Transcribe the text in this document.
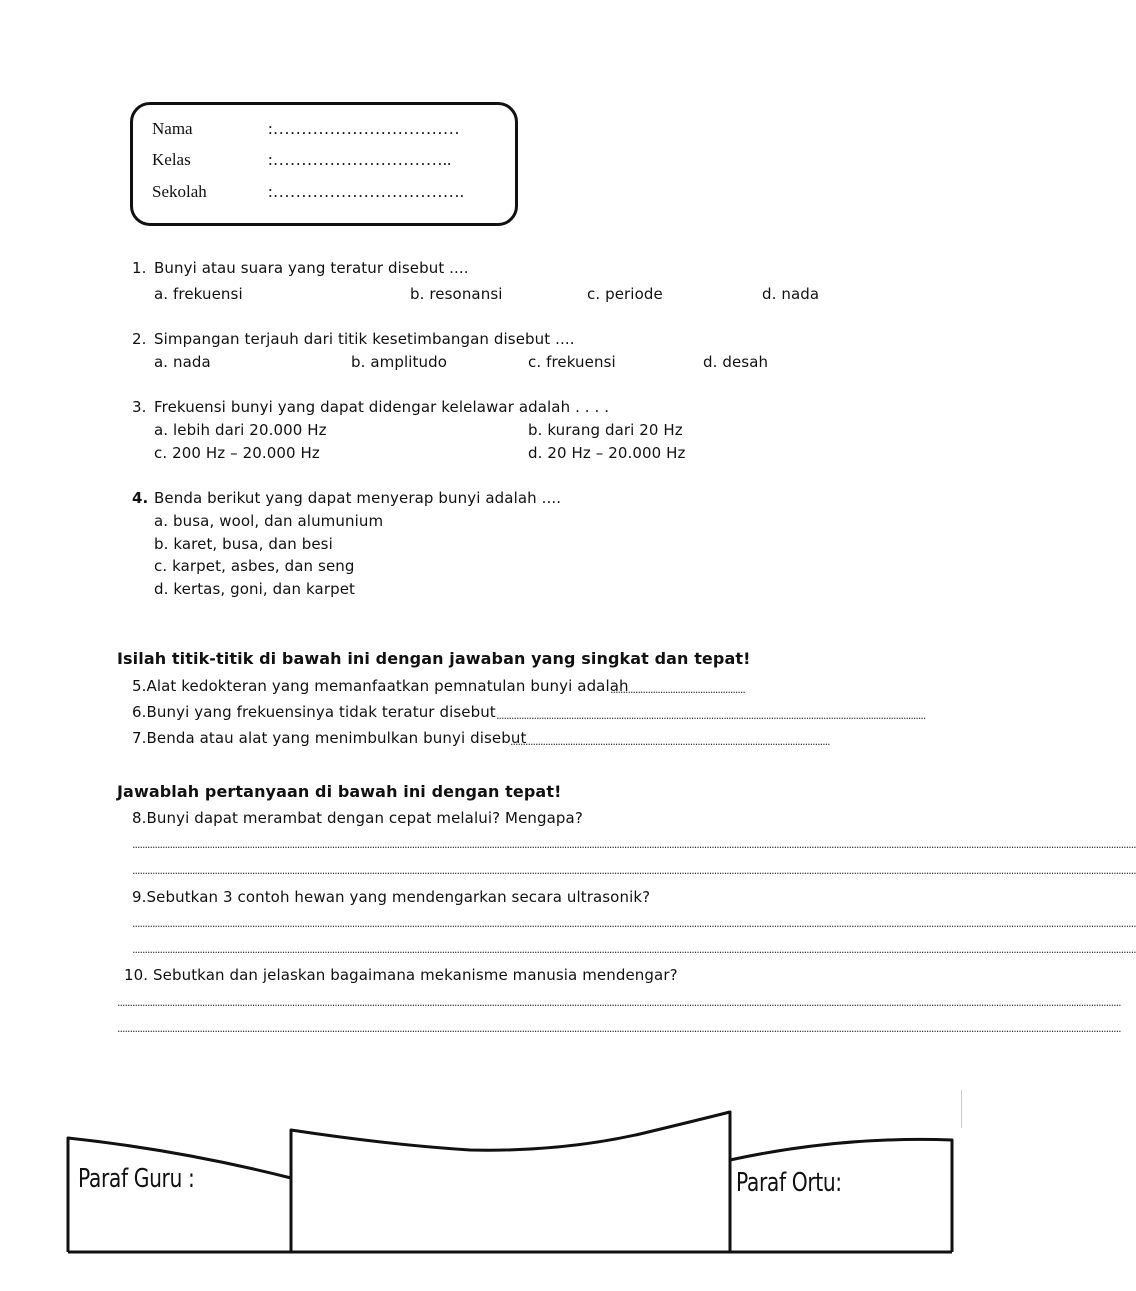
Nama	:……………………………
Kelas	:…………………………..
Sekolah	:…………………………….
1. Bunyi atau suara yang teratur disebut ....
a. frekuensi	b. resonansi	c. periode	d. nada
2. Simpangan terjauh dari titik kesetimbangan disebut ....
a. nada	b. amplitudo	c. frekuensi	d. desah
3. Frekuensi bunyi yang dapat didengar kelelawar adalah . . . .
a. lebih dari 20.000 Hz	b. kurang dari 20 Hz
c. 200 Hz – 20.000 Hz	d. 20 Hz – 20.000 Hz
4. Benda berikut yang dapat menyerap bunyi adalah ....
a. busa, wool, dan alumunium
b. karet, busa, dan besi
c. karpet, asbes, dan seng
d. kertas, goni, dan karpet
Isilah titik-titik di bawah ini dengan jawaban yang singkat dan tepat!
5.Alat kedokteran yang memanfaatkan pemnatulan bunyi adalah
......................................................
6.Bunyi yang frekuensinya tidak teratur disebut ............................................................................................................................................................................
7.Benda atau alat yang menimbulkan bunyi disebut
................................................................................................................................
Jawablah pertanyaan di bawah ini dengan tepat!
8.Bunyi dapat merambat dengan cepat melalui? Mengapa?
..................................................................................................................................................................................................................................................................................................................................................................................................................
..................................................................................................................................................................................................................................................................................................................................................................................................................
9.Sebutkan 3 contoh hewan yang mendengarkan secara ultrasonik?
..................................................................................................................................................................................................................................................................................................................................................................................................................
..................................................................................................................................................................................................................................................................................................................................................................................................................
10. Sebutkan dan jelaskan bagaimana mekanisme manusia mendengar?
..................................................................................................................................................................................................................................................................................................................................................................................................................
..................................................................................................................................................................................................................................................................................................................................................................................................................
Paraf Guru :	Paraf Ortu:
